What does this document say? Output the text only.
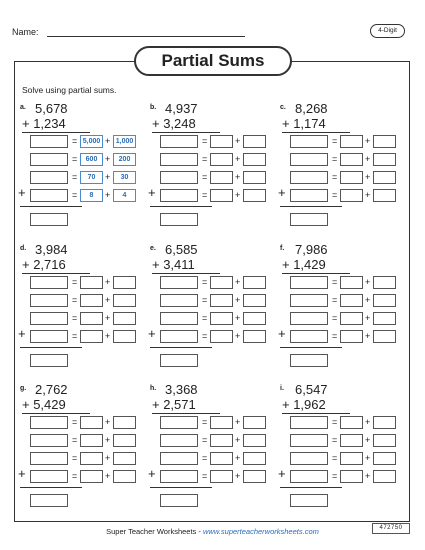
Name:	4-Digit
Partial Sums
Solve using partial sums.
a. 5,678
+ 1,234
= 5,000 + 1,000
=	600 +	200
=	70	+	30
+	=	8	+	4
b. 4,937
+ 3,248
=	+
=	+
=	+
+	=	+
c. 8,268
+ 1,174
=	+
=	+
=	+
+	=	+
d. 3,984
+ 2,716
=	+
=	+
=	+
+	=	+
e. 6,585
+ 3,411
=	+
=	+
=	+
+	=	+
f. 7,986
+ 1,429
=	+
=	+
=	+
+	=	+
g. 2,762
+ 5,429
=	+
=	+
=	+
+	=	+
h. 3,368
+ 2,571
=	+
=	+
=	+
+	=	+
i. 6,547
+ 1,962
=	+
=	+
=	+
+	=	+
Super Teacher Worksheets - www.superteacherworksheets.com	472750
